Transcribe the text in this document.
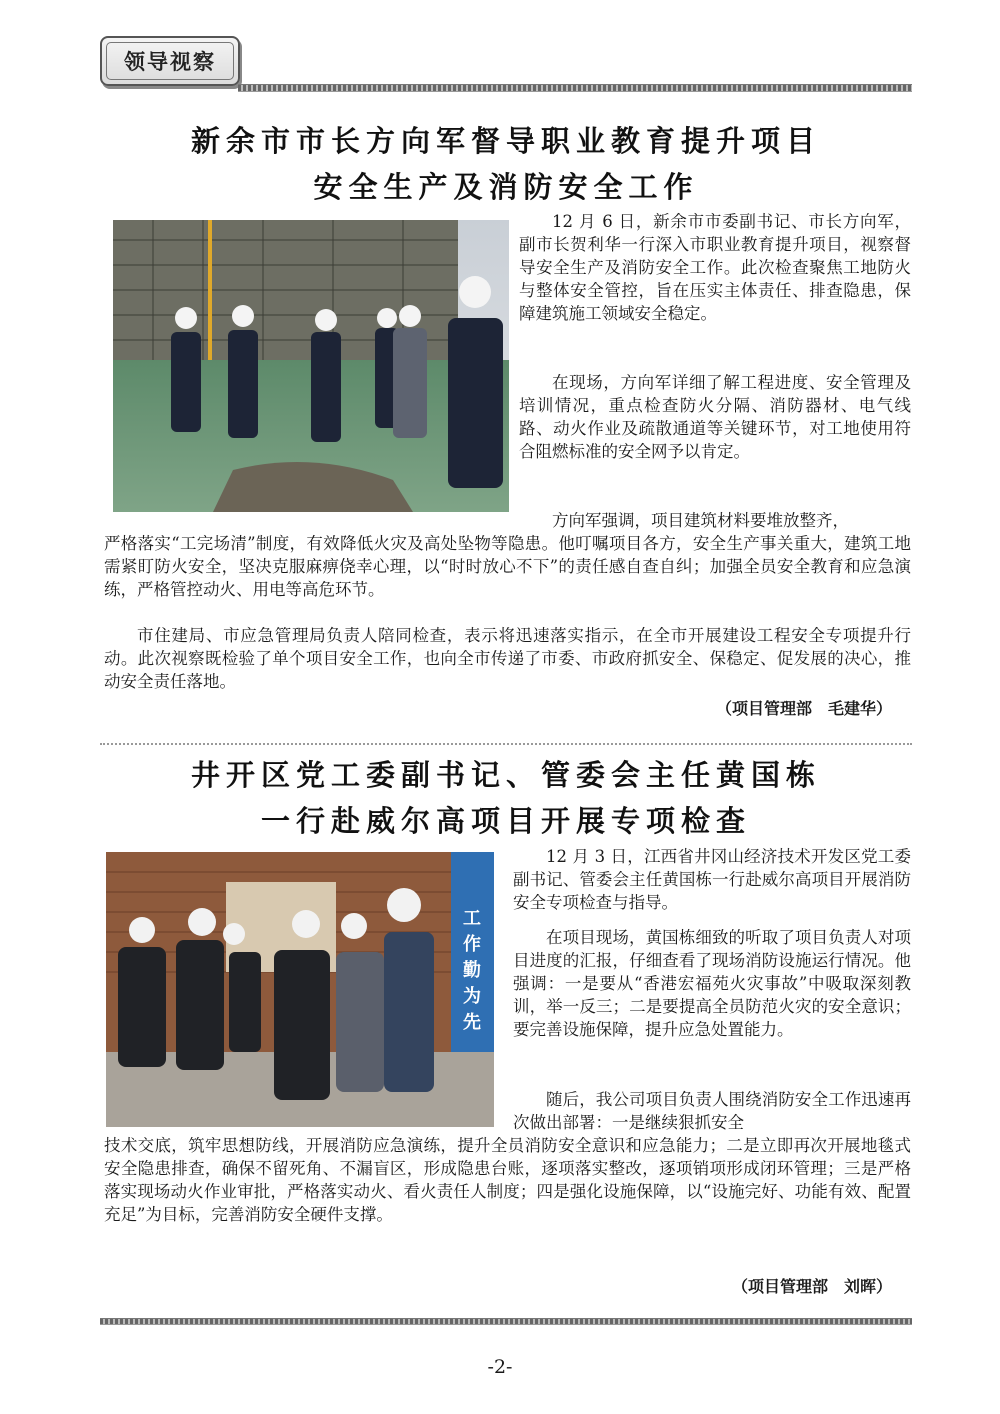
领导视察
新余市市长方向军督导职业教育提升项目
安全生产及消防安全工作

12 月 6 日，新余市市委副书记、市长方向军，副市长贺利华一行深入市职业教育提升项目，视察督导安全生产及消防安全工作。此次检查聚焦工地防火与整体安全管控，旨在压实主体责任、排查隐患，保障建筑施工领域安全稳定。

在现场，方向军详细了解工程进度、安全管理及培训情况，重点检查防火分隔、消防器材、电气线路、动火作业及疏散通道等关键环节，对工地使用符合阻燃标准的安全网予以肯定。

方向军强调，项目建筑材料要堆放整齐，

严格落实“工完场清”制度，有效降低火灾及高处坠物等隐患。他叮嘱项目各方，安全生产事关重大，建筑工地需紧盯防火安全，坚决克服麻痹侥幸心理，以“时时放心不下”的责任感自查自纠；加强全员安全教育和应急演练，严格管控动火、用电等高危环节。

市住建局、市应急管理局负责人陪同检查，表示将迅速落实指示，在全市开展建设工程安全专项提升行动。此次视察既检验了单个项目安全工作，也向全市传递了市委、市政府抓安全、保稳定、促发展的决心，推动安全责任落地。

（项目管理部　毛建华）
井开区党工委副书记、管委会主任黄国栋
一行赴威尔高项目开展专项检查
工
作
勤
为
先

12 月 3 日，江西省井冈山经济技术开发区党工委副书记、管委会主任黄国栋一行赴威尔高项目开展消防安全专项检查与指导。

在项目现场，黄国栋细致的听取了项目负责人对项目进度的汇报，仔细查看了现场消防设施运行情况。他强调：一是要从“香港宏福苑火灾事故”中吸取深刻教训，举一反三；二是要提高全员防范火灾的安全意识；要完善设施保障，提升应急处置能力。

随后，我公司项目负责人围绕消防安全工作迅速再次做出部署：一是继续狠抓安全

技术交底，筑牢思想防线，开展消防应急演练，提升全员消防安全意识和应急能力；二是立即再次开展地毯式安全隐患排查，确保不留死角、不漏盲区，形成隐患台账，逐项落实整改，逐项销项形成闭环管理；三是严格落实现场动火作业审批，严格落实动火、看火责任人制度；四是强化设施保障，以“设施完好、功能有效、配置充足”为目标，完善消防安全硬件支撑。

（项目管理部　刘晖）
-2-
